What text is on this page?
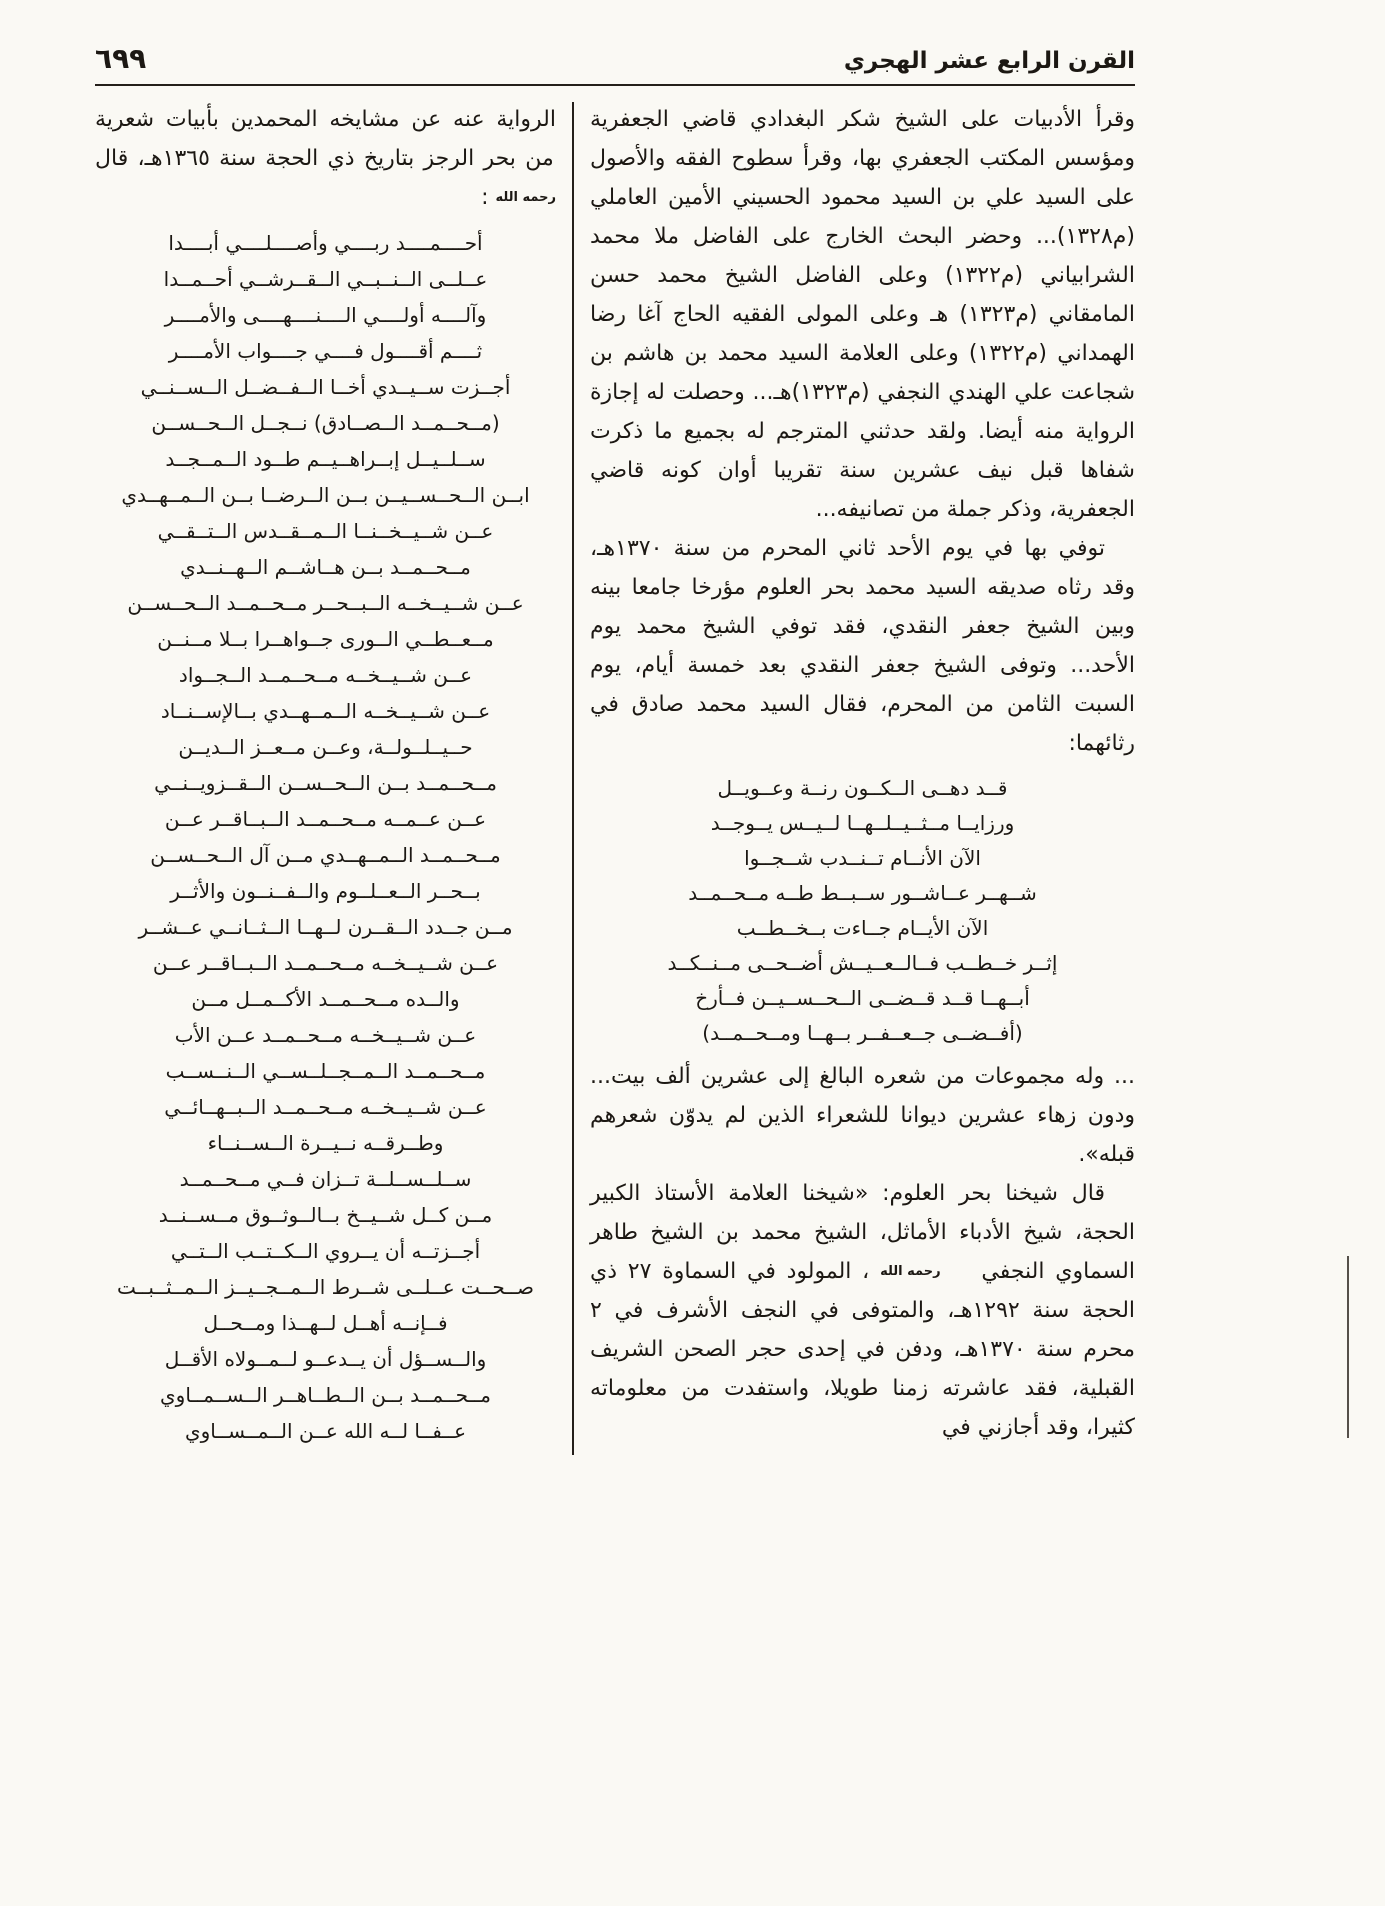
القرن الرابع عشر الهجري
٦٩٩

وقرأ الأدبيات على الشيخ شكر البغدادي قاضي الجعفرية ومؤسس المكتب الجعفري بها، وقرأ سطوح الفقه والأصول على السيد علي بن السيد محمود الحسيني الأمين العاملي (م١٣٢٨)... وحضر البحث الخارج على الفاضل ملا محمد الشرابياني (م١٣٢٢) وعلى الفاضل الشيخ محمد حسن المامقاني (م١٣٢٣) هـ وعلى المولى الفقيه الحاج آغا رضا الهمداني (م١٣٢٢) وعلى العلامة السيد محمد بن هاشم بن شجاعت علي الهندي النجفي (م١٣٢٣)هـ... وحصلت له إجازة الرواية منه أيضا. ولقد حدثني المترجم له بجميع ما ذكرت شفاها قبل نيف عشرين سنة تقريبا أوان كونه قاضي الجعفرية، وذكر جملة من تصانيفه...

توفي بها في يوم الأحد ثاني المحرم من سنة ١٣٧٠هـ، وقد رثاه صديقه السيد محمد بحر العلوم مؤرخا جامعا بينه وبين الشيخ جعفر النقدي، فقد توفي الشيخ محمد يوم الأحد... وتوفى الشيخ جعفر النقدي بعد خمسة أيام، يوم السبت الثامن من المحرم، فقال السيد محمد صادق في رثائهما:

قــد دهــى الــكــون رنــة وعــويــل
ورزايــا مــثــيــلــهــا لــيــس يــوجــد
الآن الأنــام تــنــدب شــجــوا
شــهــر عــاشــور ســبــط طــه مــحــمــد
الآن الأيــام جــاءت بــخــطــب
إثــر خــطــب فــالــعــيــش أضــحــى مــنــكــد
أبــهــا قــد قــضــى الــحــســيــن فــأرخ
(أفــضــى جــعــفــر بــهــا ومــحــمــد)

... وله مجموعات من شعره البالغ إلى عشرين ألف بيت... ودون زهاء عشرين ديوانا للشعراء الذين لم يدوّن شعرهم قبله».

قال شيخنا بحر العلوم: «شيخنا العلامة الأستاذ الكبير الحجة، شيخ الأدباء الأماثل، الشيخ محمد بن الشيخ طاهر السماوي النجفي رحمه الله ، المولود في السماوة ٢٧ ذي الحجة سنة ١٢٩٢هـ، والمتوفى في النجف الأشرف في ٢ محرم سنة ١٣٧٠هـ، ودفن في إحدى حجر الصحن الشريف القبلية، فقد عاشرته زمنا طويلا، واستفدت من معلوماته كثيرا، وقد أجازني في

الرواية عنه عن مشايخه المحمدين بأبيات شعرية من بحر الرجز بتاريخ ذي الحجة سنة ١٣٦٥هـ، قال رحمه الله :

أحــــمــــد ربــــي وأصــــلــــي أبــــدا
عــلــى الــنــبــي الــقــرشــي أحــمــدا
وآلــــه أولــــي الــــنــــهــــى والأمــــر
ثــــم أقــــول فــــي جــــواب الأمــــر
أجــزت ســيــدي أخــا الــفــضــل الــســنــي
(مــحــمــد الــصــادق) نــجــل الــحــســن
ســلــيــل إبــراهــيــم طــود الــمــجــد
ابــن الــحــســيــن بــن الــرضــا بــن الــمــهــدي
عــن شــيــخــنــا الــمــقــدس الــتــقــي
مــحــمــد بــن هــاشــم الــهــنــدي
عــن شــيــخــه الــبــحــر مــحــمــد الــحــســن
مــعــطــي الــورى جــواهــرا بــلا مــنــن
عــن شــيــخــه مــحــمــد الــجــواد
عــن شــيــخــه الــمــهــدي بــالإســنــاد
حــيــلــولــة، وعــن مــعــز الــديــن
مــحــمــد بــن الــحــســن الــقــزويــنــي
عــن عــمــه مــحــمــد الــبــاقــر عــن
مــحــمــد الــمــهــدي مــن آل الــحــســن
بــحــر الــعــلــوم والــفــنــون والأثــر
مــن جــدد الــقــرن لــهــا الــثــانــي عــشــر
عــن شــيــخــه مــحــمــد الــبــاقــر عــن
والــده مــحــمــد الأكــمــل مــن
عــن شــيــخــه مــحــمــد عــن الأب
مــحــمــد الــمــجــلــســي الــنــســب
عــن شــيــخــه مــحــمــد الــبــهــائــي
وطــرقــه نــيــرة الــســنــاء
ســلــســلــة تــزان فــي مــحــمــد
مــن كــل شــيــخ بــالــوثــوق مــســنــد
أجــزتــه أن يــروي الــكــتــب الــتــي
صــحــت عــلــى شــرط الــمــجــيــز الــمــثــبــت
فــإنــه أهــل لــهــذا ومــحــل
والــســؤل أن يــدعــو لــمــولاه الأقــل
مــحــمــد بــن الــطــاهــر الــســمــاوي
عــفــا لــه الله عــن الــمــســاوي
